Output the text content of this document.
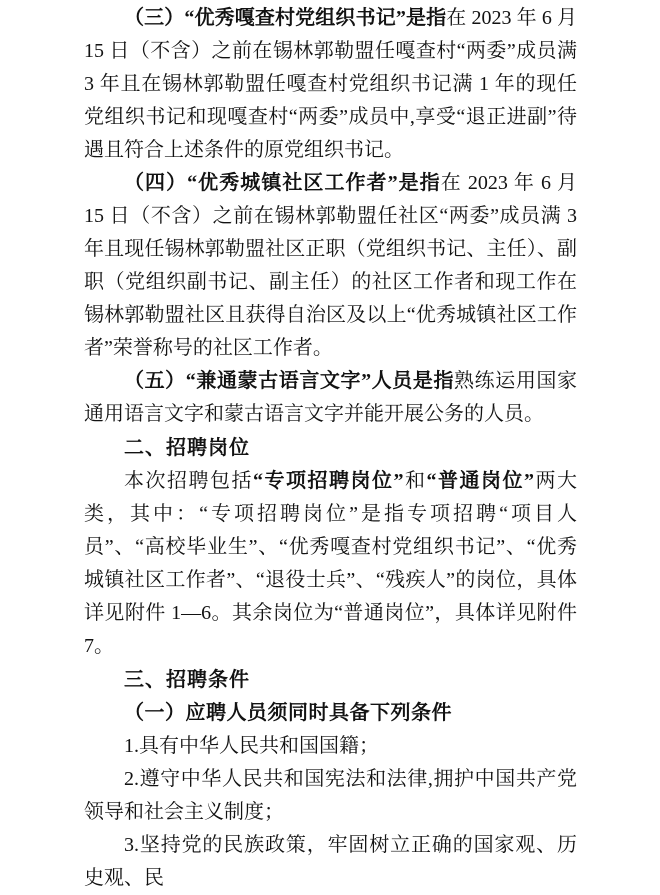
（三）“优秀嘎查村党组织书记”是指在 2023 年 6 月 15 日（不含）之前在锡林郭勒盟任嘎查村“两委”成员满 3 年且在锡林郭勒盟任嘎查村党组织书记满 1 年的现任党组织书记和现嘎查村“两委”成员中,享受“退正进副”待遇且符合上述条件的原党组织书记。

（四）“优秀城镇社区工作者”是指在 2023 年 6 月 15 日（不含）之前在锡林郭勒盟任社区“两委”成员满 3 年且现任锡林郭勒盟社区正职（党组织书记、主任）、副职（党组织副书记、副主任）的社区工作者和现工作在锡林郭勒盟社区且获得自治区及以上“优秀城镇社区工作者”荣誉称号的社区工作者。

（五）“兼通蒙古语言文字”人员是指熟练运用国家通用语言文字和蒙古语言文字并能开展公务的人员。

二、招聘岗位

本次招聘包括“专项招聘岗位”和“普通岗位”两大类，其中：“专项招聘岗位”是指专项招聘“项目人员”、“高校毕业生”、“优秀嘎查村党组织书记”、“优秀城镇社区工作者”、“退役士兵”、“残疾人”的岗位，具体详见附件 1—6。其余岗位为“普通岗位”，具体详见附件 7。

三、招聘条件

（一）应聘人员须同时具备下列条件

1.具有中华人民共和国国籍；

2.遵守中华人民共和国宪法和法律,拥护中国共产党领导和社会主义制度；

3.坚持党的民族政策，牢固树立正确的国家观、历史观、民
